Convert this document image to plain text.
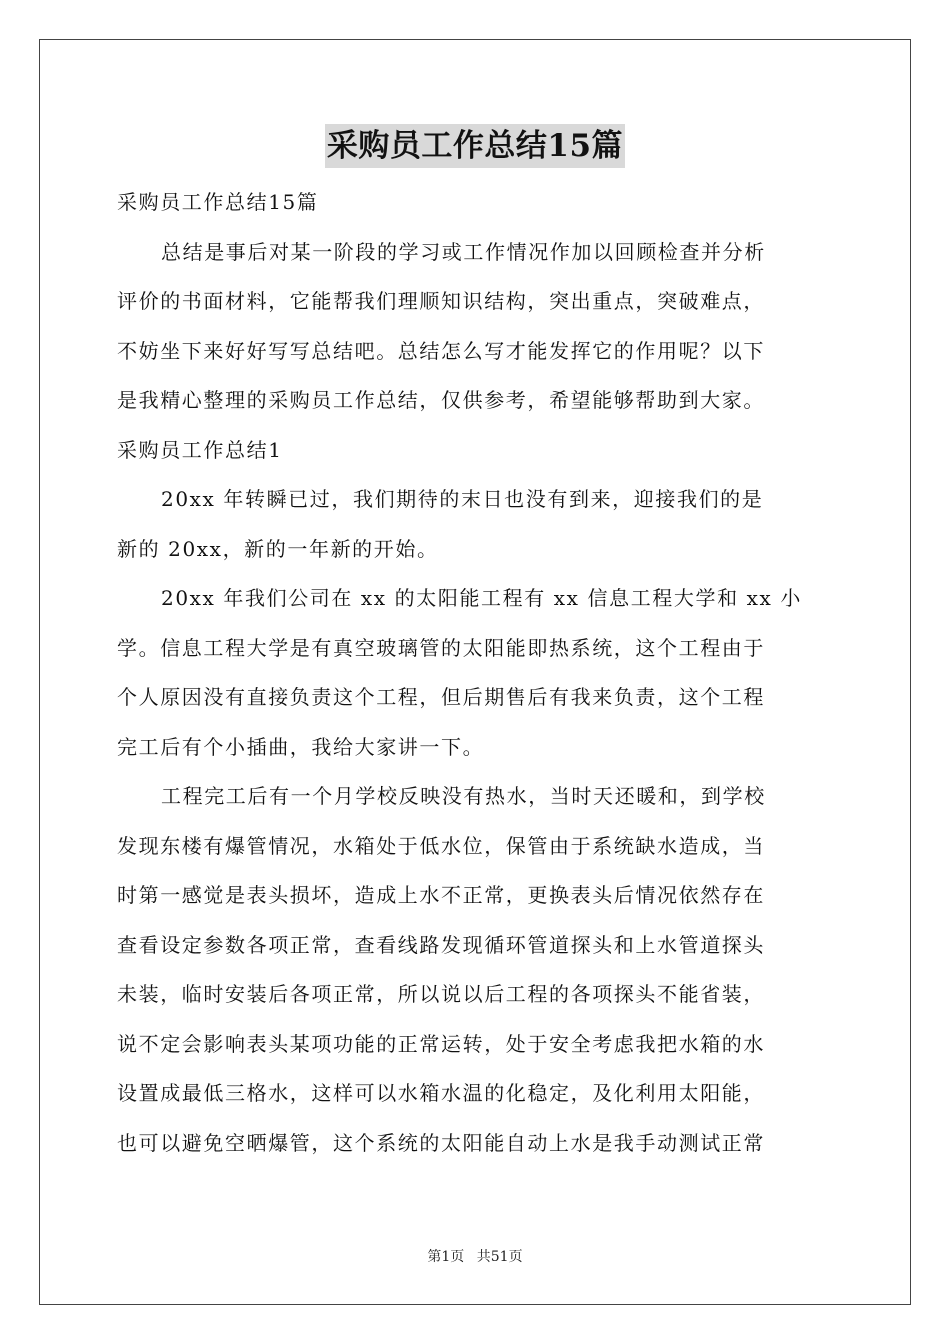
采购员工作总结15篇
采购员工作总结15篇
总结是事后对某一阶段的学习或工作情况作加以回顾检查并分析
评价的书面材料，它能帮我们理顺知识结构，突出重点，突破难点，
不妨坐下来好好写写总结吧。总结怎么写才能发挥它的作用呢？以下
是我精心整理的采购员工作总结，仅供参考，希望能够帮助到大家。
采购员工作总结1
20xx 年转瞬已过，我们期待的末日也没有到来，迎接我们的是
新的 20xx，新的一年新的开始。
20xx 年我们公司在 xx 的太阳能工程有 xx 信息工程大学和 xx 小
学。信息工程大学是有真空玻璃管的太阳能即热系统，这个工程由于
个人原因没有直接负责这个工程，但后期售后有我来负责，这个工程
完工后有个小插曲，我给大家讲一下。
工程完工后有一个月学校反映没有热水，当时天还暖和，到学校
发现东楼有爆管情况，水箱处于低水位，保管由于系统缺水造成，当
时第一感觉是表头损坏，造成上水不正常，更换表头后情况依然存在
查看设定参数各项正常，查看线路发现循环管道探头和上水管道探头
未装，临时安装后各项正常，所以说以后工程的各项探头不能省装，
说不定会影响表头某项功能的正常运转，处于安全考虑我把水箱的水
设置成最低三格水，这样可以水箱水温的化稳定，及化利用太阳能，
也可以避免空晒爆管，这个系统的太阳能自动上水是我手动测试正常
第1页 共51页
